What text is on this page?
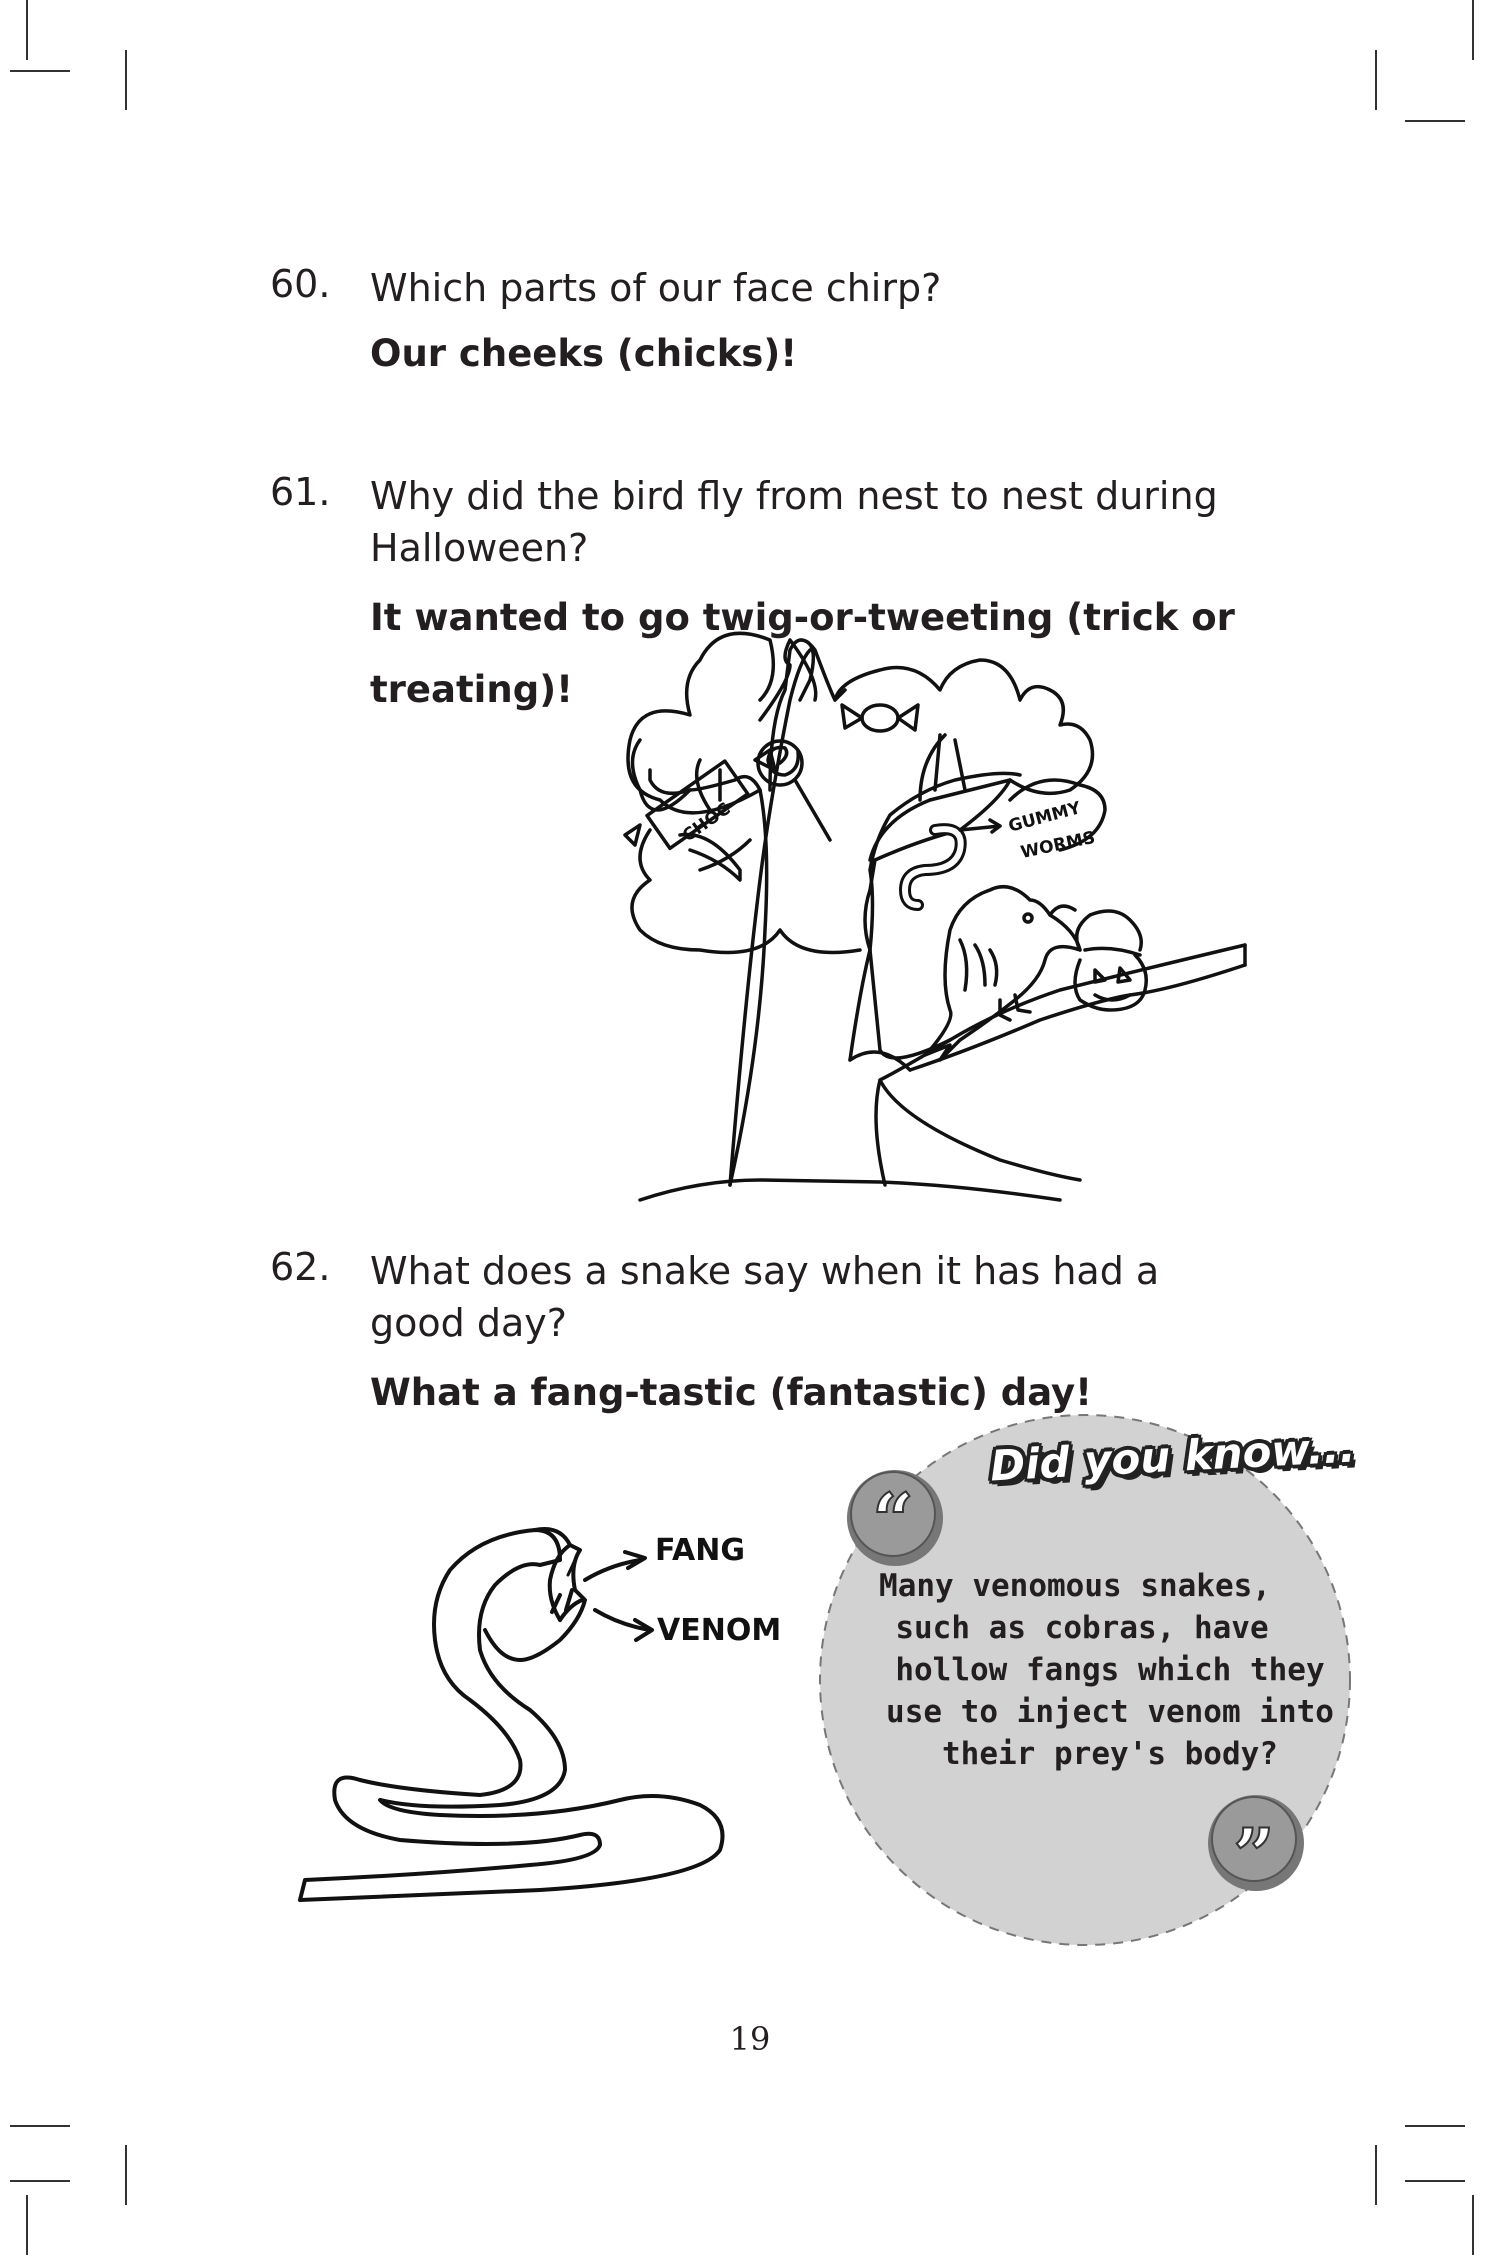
60. Which parts of our face chirp?
Our cheeks (chicks)!
61. Why did the bird fly from nest to nest during
Halloween?
It wanted to go twig-or-tweeting (trick or
treating)!
CHOC	GUMMY
WORMS
62. What does a snake say when it has had a
good day?
What a fang-tastic (fantastic) day!
FANG
VENOM
“
”
Did you know...
Many venomous snakes,
such as cobras, have
hollow fangs which they
use to inject venom into
their prey's body?
19
